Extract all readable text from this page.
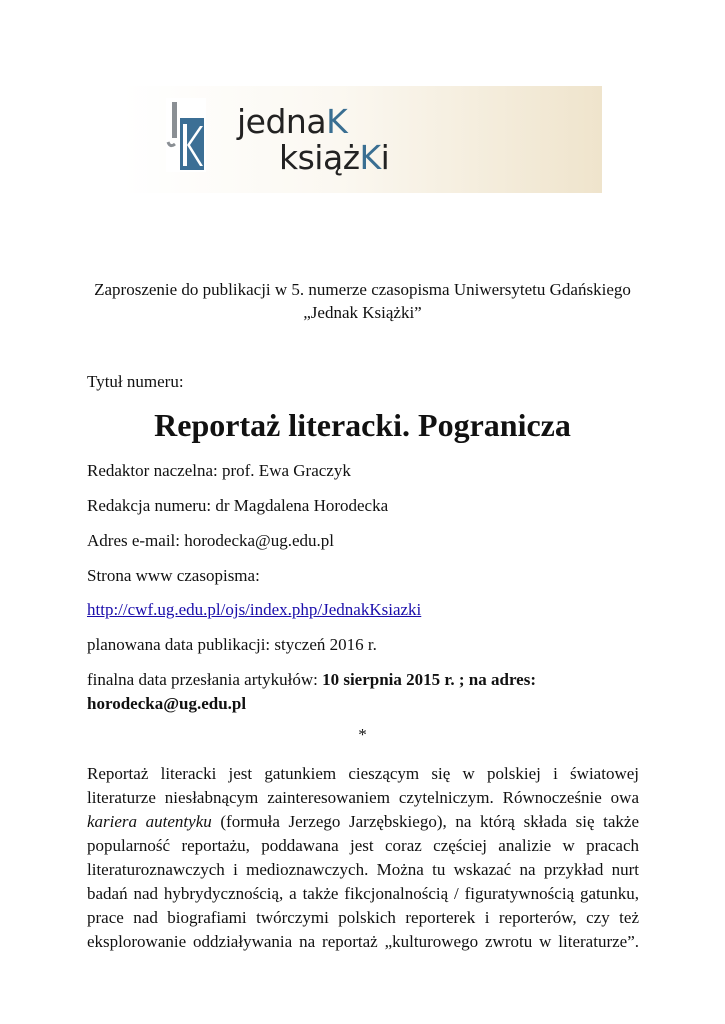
jednaK
książKi
Zaproszenie do publikacji w 5. numerze czasopisma Uniwersytetu Gdańskiego
„Jednak Książki”
Tytuł numeru:
Reportaż literacki. Pogranicza
Redaktor naczelna: prof. Ewa Graczyk
Redakcja numeru: dr Magdalena Horodecka
Adres e-mail: horodecka@ug.edu.pl
Strona www czasopisma:
http://cwf.ug.edu.pl/ojs/index.php/JednakKsiazki
planowana data publikacji: styczeń 2016 r.
finalna data przesłania artykułów: 10 sierpnia 2015 r. ; na adres:
horodecka@ug.edu.pl
*
Reportaż literacki jest gatunkiem cieszącym się w polskiej i światowej
literaturze niesłabnącym zainteresowaniem czytelniczym. Równocześnie owa
kariera autentyku (formuła Jerzego Jarzębskiego), na którą składa się także
popularność reportażu, poddawana jest coraz częściej analizie w pracach
literaturoznawczych i medioznawczych. Można tu wskazać na przykład nurt
badań nad hybrydycznością, a także fikcjonalnością / figuratywnością gatunku,
prace nad biografiami twórczymi polskich reporterek i reporterów, czy też
eksplorowanie oddziaływania na reportaż „kulturowego zwrotu w literaturze”.
